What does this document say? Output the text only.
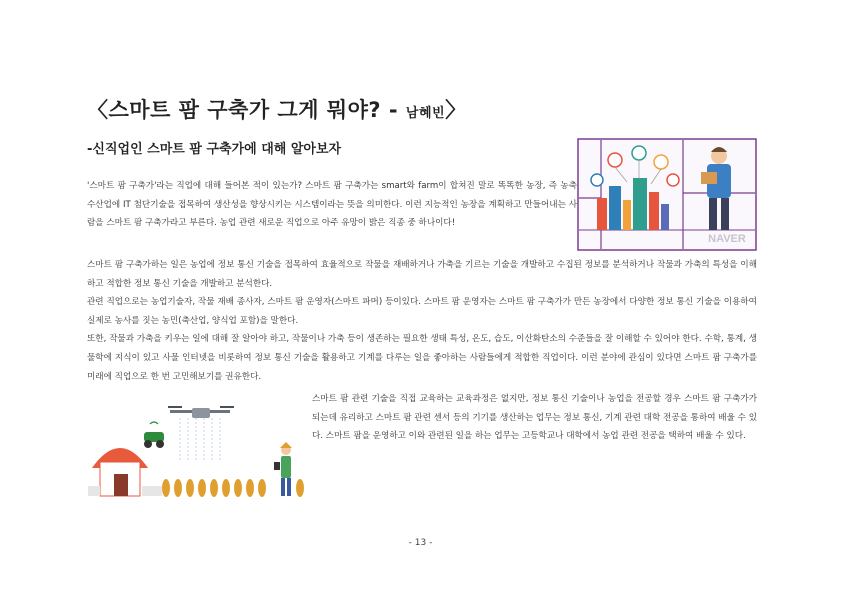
〈스마트 팜 구축가 그게 뭐야? - 남혜빈〉
-신직업인 스마트 팜 구축가에 대해 알아보자
'스마트 팜 구축가'라는 직업에 대해 들어본 적이 있는가? 스마트 팜 구축가는 smart와 farm이 합쳐진 말로 똑똑한 농장, 즉 농축 수산업에 IT 첨단기술을 접목하여 생산성을 향상시키는 시스템이라는 뜻을 의미한다. 이런 지능적인 농장을 계획하고 만들어내는 사람을 스마트 팜 구축가라고 부른다. 농업 관련 새로운 직업으로 아주 유망이 밝은 직종 중 하나이다!

스마트 팜 구축가하는 일은 농업에 정보 통신 기술을 접목하여 효율적으로 작물을 재배하거나 가축을 기르는 기술을 개발하고 수집된 정보를 분석하거나 작물과 가축의 특성을 이해하고 적합한 정보 통신 기술을 개발하고 분석한다.

관련 직업으로는 농업기술자, 작물 재배 종사자, 스마트 팜 운영자(스마트 파머) 등이있다. 스마트 팜 운영자는 스마트 팜 구축가가 만든 농장에서 다양한 정보 통신 기술을 이용하여 실제로 농사를 짓는 농민(축산업, 양식업 포함)을 말한다.

또한, 작물과 가축을 키우는 일에 대해 잘 알아야 하고, 작물이나 가축 등이 생존하는 필요한 생태 특성, 온도, 습도, 이산화탄소의 수준들을 잘 이해할 수 있어야 한다. 수학, 통계, 생물학에 지식이 있고 사물 인터넷을 비롯하여 정보 통신 기술을 활용하고 기계를 다루는 일을 좋아하는 사람들에게 적합한 직업이다. 이런 분야에 관심이 있다면 스마트 팜 구축가를 미래에 직업으로 한 번 고민해보기를 권유한다.

스마트 팜 관련 기술을 직접 교육하는 교육과정은 없지만, 정보 통신 기술이나 농업을 전공할 경우 스마트 팜 구축가가 되는데 유리하고 스마트 팜 관련 센서 등의 기기를 생산하는 업무는 정보 통신, 기계 관련 대학 전공을 통하여 배울 수 있다. 스마트 팜을 운영하고 이와 관련된 일을 하는 업무는 고등학교나 대학에서 농업 관련 전공을 택하여 배울 수 있다.
NAVER
- 13 -
